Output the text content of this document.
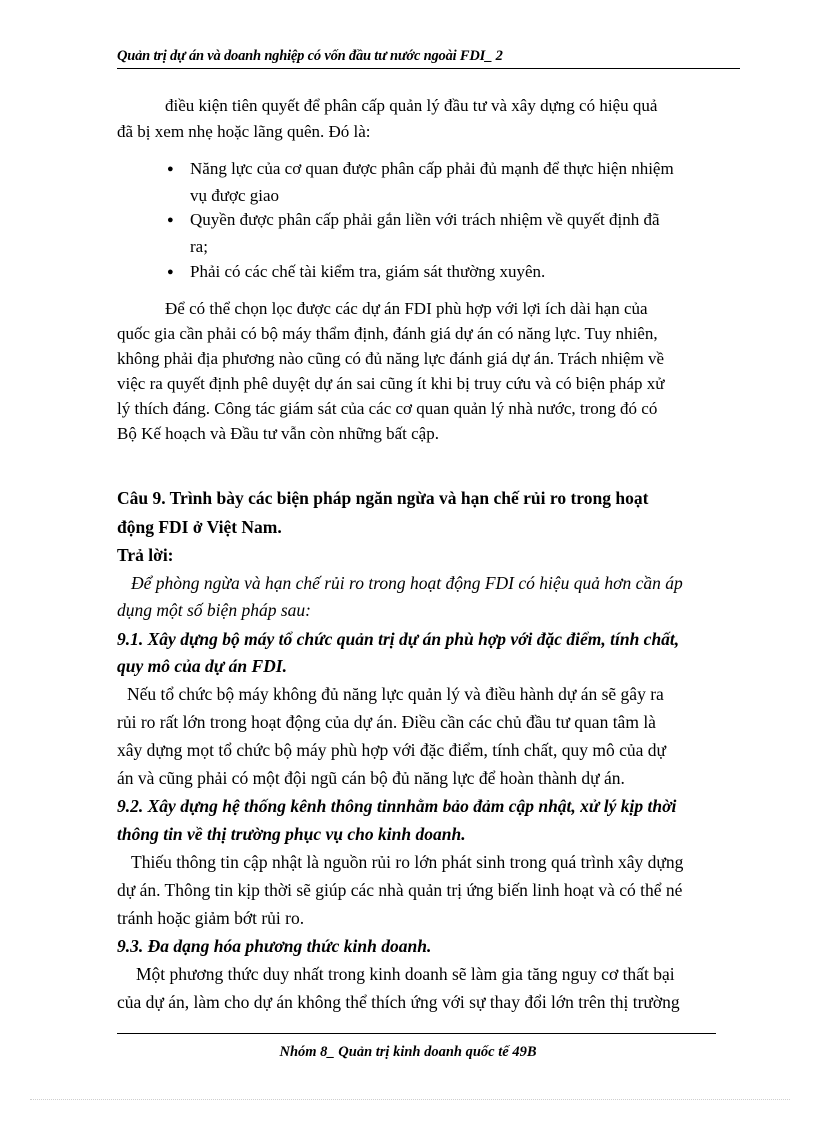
Quản trị dự án và doanh nghiệp có vốn đầu tư nước ngoài FDI_ 2
điều kiện tiên quyết để phân cấp quản lý đầu tư và xây dựng có hiệu quả
đã bị xem nhẹ hoặc lãng quên. Đó là:
● Năng lực của cơ quan được phân cấp phải đủ mạnh để thực hiện nhiệm
vụ được giao
● Quyền được phân cấp phải gắn liền với trách nhiệm về quyết định đã
ra;
● Phải có các chế tài kiểm tra, giám sát thường xuyên.
Để có thể chọn lọc được các dự án FDI phù hợp với lợi ích dài hạn của
quốc gia cần phải có bộ máy thẩm định, đánh giá dự án có năng lực. Tuy nhiên,
không phải địa phương nào cũng có đủ năng lực đánh giá dự án. Trách nhiệm về
việc ra quyết định phê duyệt dự án sai cũng ít khi bị truy cứu và có biện pháp xử
lý thích đáng. Công tác giám sát của các cơ quan quản lý nhà nước, trong đó có
Bộ Kế hoạch và Đầu tư vẫn còn những bất cập.
Câu 9. Trình bày các biện pháp ngăn ngừa và hạn chế rủi ro trong hoạt
động FDI ở Việt Nam.
Trả lời:
Để phòng ngừa và hạn chế rủi ro trong hoạt động FDI có hiệu quả hơn cần áp
dụng một số biện pháp sau:
9.1. Xây dựng bộ máy tổ chức quản trị dự án phù hợp với đặc điểm, tính chất,
quy mô của dự án FDI.
Nếu tổ chức bộ máy không đủ năng lực quản lý và điều hành dự án sẽ gây ra
rủi ro rất lớn trong hoạt động của dự án. Điều cần các chủ đầu tư quan tâm là
xây dựng mọt tổ chức bộ máy phù hợp với đặc điểm, tính chất, quy mô của dự
án và cũng phải có một đội ngũ cán bộ đủ năng lực để hoàn thành dự án.
9.2. Xây dựng hệ thống kênh thông tinnhằm bảo đảm cập nhật, xử lý kịp thời
thông tin về thị trường phục vụ cho kinh doanh.
Thiếu thông tin cập nhật là nguồn rủi ro lớn phát sinh trong quá trình xây dựng
dự án. Thông tin kịp thời sẽ giúp các nhà quản trị ứng biến linh hoạt và có thể né
tránh hoặc giảm bớt rủi ro.
9.3. Đa dạng hóa phương thức kinh doanh.
Một phương thức duy nhất trong kinh doanh sẽ làm gia tăng nguy cơ thất bại
của dự án, làm cho dự án không thể thích ứng với sự thay đổi lớn trên thị trường
Nhóm 8_ Quản trị kinh doanh quốc tế 49B
